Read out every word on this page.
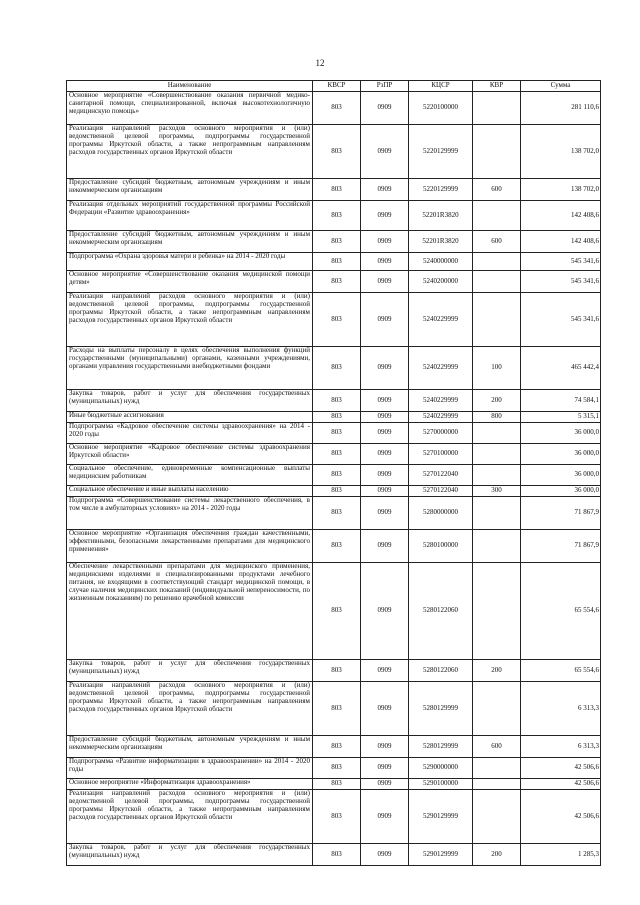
12
Наименование	КВСР	РзПР	КЦСР	КВР	Сумма
Основное мероприятие «Совершенствование оказания первичной медико-санитарной помощи, специализированной, включая высокотехнологичную медицинскую помощь»	803	0909	5220100000		281 110,6
Реализация направлений расходов основного мероприятия и (или) ведомственной целевой программы, подпрограммы государственной программы Иркутской области, а также непрограммным направлениям расходов государственных органов Иркутской области	803	0909	5220129999		138 702,0
Предоставление субсидий бюджетным, автономным учреждениям и иным некоммерческим организациям	803	0909	5220129999	600	138 702,0
Реализация отдельных мероприятий государственной программы Российской Федерации «Развитие здравоохранения»	803	0909	52201R3820		142 408,6
Предоставление субсидий бюджетным, автономным учреждениям и иным некоммерческим организациям	803	0909	52201R3820	600	142 408,6
Подпрограмма «Охрана здоровья матери и ребенка» на 2014 - 2020 годы	803	0909	5240000000		545 341,6
Основное мероприятие «Совершенствование оказания медицинской помощи детям»	803	0909	5240200000		545 341,6
Реализация направлений расходов основного мероприятия и (или) ведомственной целевой программы, подпрограммы государственной программы Иркутской области, а также непрограммным направлениям расходов государственных органов Иркутской области	803	0909	5240229999		545 341,6
Расходы на выплаты персоналу в целях обеспечения выполнения функций государственными (муниципальными) органами, казенными учреждениями, органами управления государственными внебюджетными фондами	803	0909	5240229999	100	465 442,4
Закупка товаров, работ и услуг для обеспечения государственных (муниципальных) нужд	803	0909	5240229999	200	74 584,1
Иные бюджетные ассигнования	803	0909	5240229999	800	5 315,1
Подпрограмма «Кадровое обеспечение системы здравоохранения» на 2014 - 2020 годы	803	0909	5270000000		36 000,0
Основное мероприятие «Кадровое обеспечение системы здравоохранения Иркутской области»	803	0909	5270100000		36 000,0
Социальное обеспечение, единовременные компенсационные выплаты медицинским работникам	803	0909	5270122040		36 000,0
Социальное обеспечение и иные выплаты населению	803	0909	5270122040	300	36 000,0
Подпрограмма «Совершенствование системы лекарственного обеспечения, в том числе в амбулаторных условиях» на 2014 - 2020 годы	803	0909	5280000000		71 867,9
Основное мероприятие «Организация обеспечения граждан качественными, эффективными, безопасными лекарственными препаратами для медицинского применения»	803	0909	5280100000		71 867,9
Обеспечение лекарственными препаратами для медицинского применения, медицинскими изделиями и специализированными продуктами лечебного питания, не входящими в соответствующий стандарт медицинской помощи, в случае наличия медицинских показаний (индивидуальной непереносимости, по жизненным показаниям) по решению врачебной комиссии	803	0909	5280122060		65 554,6
Закупка товаров, работ и услуг для обеспечения государственных (муниципальных) нужд	803	0909	5280122060	200	65 554,6
Реализация направлений расходов основного мероприятия и (или) ведомственной целевой программы, подпрограммы государственной программы Иркутской области, а также непрограммным направлениям расходов государственных органов Иркутской области	803	0909	5280129999		6 313,3
Предоставление субсидий бюджетным, автономным учреждениям и иным некоммерческим организациям	803	0909	5280129999	600	6 313,3
Подпрограмма «Развитие информатизации в здравоохранении» на 2014 - 2020 годы	803	0909	5290000000		42 506,6
Основное мероприятие «Информатизация здравоохранения»	803	0909	5290100000		42 506,6
Реализация направлений расходов основного мероприятия и (или) ведомственной целевой программы, подпрограммы государственной программы Иркутской области, а также непрограммным направлениям расходов государственных органов Иркутской области	803	0909	5290129999		42 506,6
Закупка товаров, работ и услуг для обеспечения государственных (муниципальных) нужд	803	0909	5290129999	200	1 285,3
